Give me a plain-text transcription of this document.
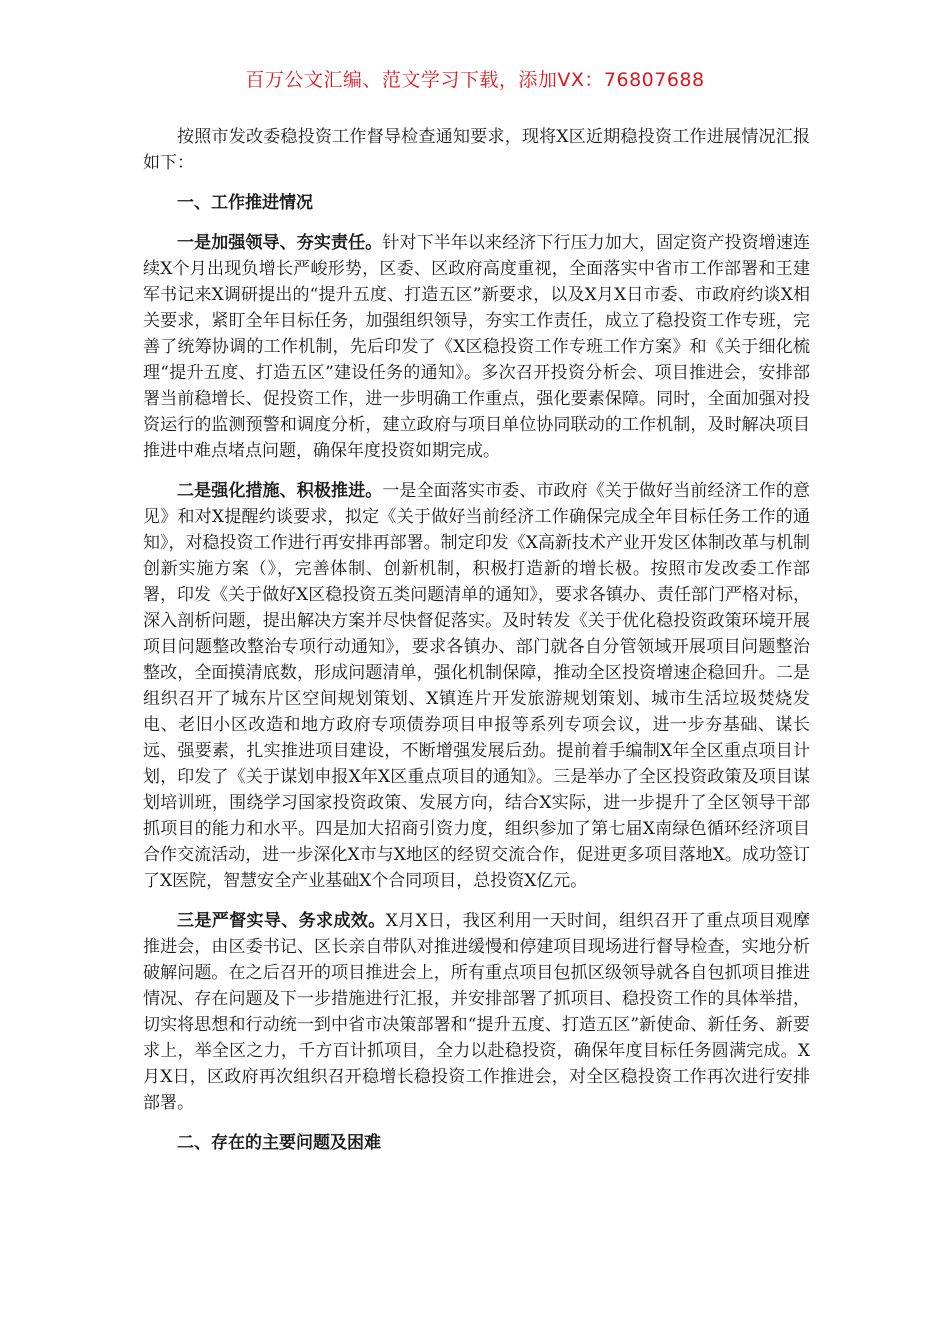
百万公文汇编、范文学习下载，添加VX：76807688

按照市发改委稳投资工作督导检查通知要求，现将X区近期稳投资工作进展情况汇报如下：

一、工作推进情况

一是加强领导、夯实责任。针对下半年以来经济下行压力加大，固定资产投资增速连续X个月出现负增长严峻形势，区委、区政府高度重视，全面落实中省市工作部署和王建军书记来X调研提出的“提升五度、打造五区”新要求，以及X月X日市委、市政府约谈X相关要求，紧盯全年目标任务，加强组织领导，夯实工作责任，成立了稳投资工作专班，完善了统筹协调的工作机制，先后印发了《X区稳投资工作专班工作方案》和《关于细化梳理“提升五度、打造五区”建设任务的通知》。多次召开投资分析会、项目推进会，安排部署当前稳增长、促投资工作，进一步明确工作重点，强化要素保障。同时，全面加强对投资运行的监测预警和调度分析，建立政府与项目单位协同联动的工作机制，及时解决项目推进中难点堵点问题，确保年度投资如期完成。

二是强化措施、积极推进。一是全面落实市委、市政府《关于做好当前经济工作的意见》和对X提醒约谈要求，拟定《关于做好当前经济工作确保完成全年目标任务工作的通知》，对稳投资工作进行再安排再部署。制定印发《X高新技术产业开发区体制改革与机制创新实施方案（》，完善体制、创新机制，积极打造新的增长极。按照市发改委工作部署，印发《关于做好X区稳投资五类问题清单的通知》，要求各镇办、责任部门严格对标，深入剖析问题，提出解决方案并尽快督促落实。及时转发《关于优化稳投资政策环境开展项目问题整改整治专项行动通知》，要求各镇办、部门就各自分管领域开展项目问题整治整改，全面摸清底数，形成问题清单，强化机制保障，推动全区投资增速企稳回升。二是组织召开了城东片区空间规划策划、X镇连片开发旅游规划策划、城市生活垃圾焚烧发电、老旧小区改造和地方政府专项债券项目申报等系列专项会议，进一步夯基础、谋长远、强要素，扎实推进项目建设，不断增强发展后劲。提前着手编制X年全区重点项目计划，印发了《关于谋划申报X年X区重点项目的通知》。三是举办了全区投资政策及项目谋划培训班，围绕学习国家投资政策、发展方向，结合X实际，进一步提升了全区领导干部抓项目的能力和水平。四是加大招商引资力度，组织参加了第七届X南绿色循环经济项目合作交流活动，进一步深化X市与X地区的经贸交流合作，促进更多项目落地X。成功签订了X医院，智慧安全产业基础X个合同项目，总投资X亿元。

三是严督实导、务求成效。X月X日，我区利用一天时间，组织召开了重点项目观摩推进会，由区委书记、区长亲自带队对推进缓慢和停建项目现场进行督导检查，实地分析破解问题。在之后召开的项目推进会上，所有重点项目包抓区级领导就各自包抓项目推进情况、存在问题及下一步措施进行汇报，并安排部署了抓项目、稳投资工作的具体举措，切实将思想和行动统一到中省市决策部署和“提升五度、打造五区”新使命、新任务、新要求上，举全区之力，千方百计抓项目，全力以赴稳投资，确保年度目标任务圆满完成。X月X日，区政府再次组织召开稳增长稳投资工作推进会，对全区稳投资工作再次进行安排部署。

二、存在的主要问题及困难
